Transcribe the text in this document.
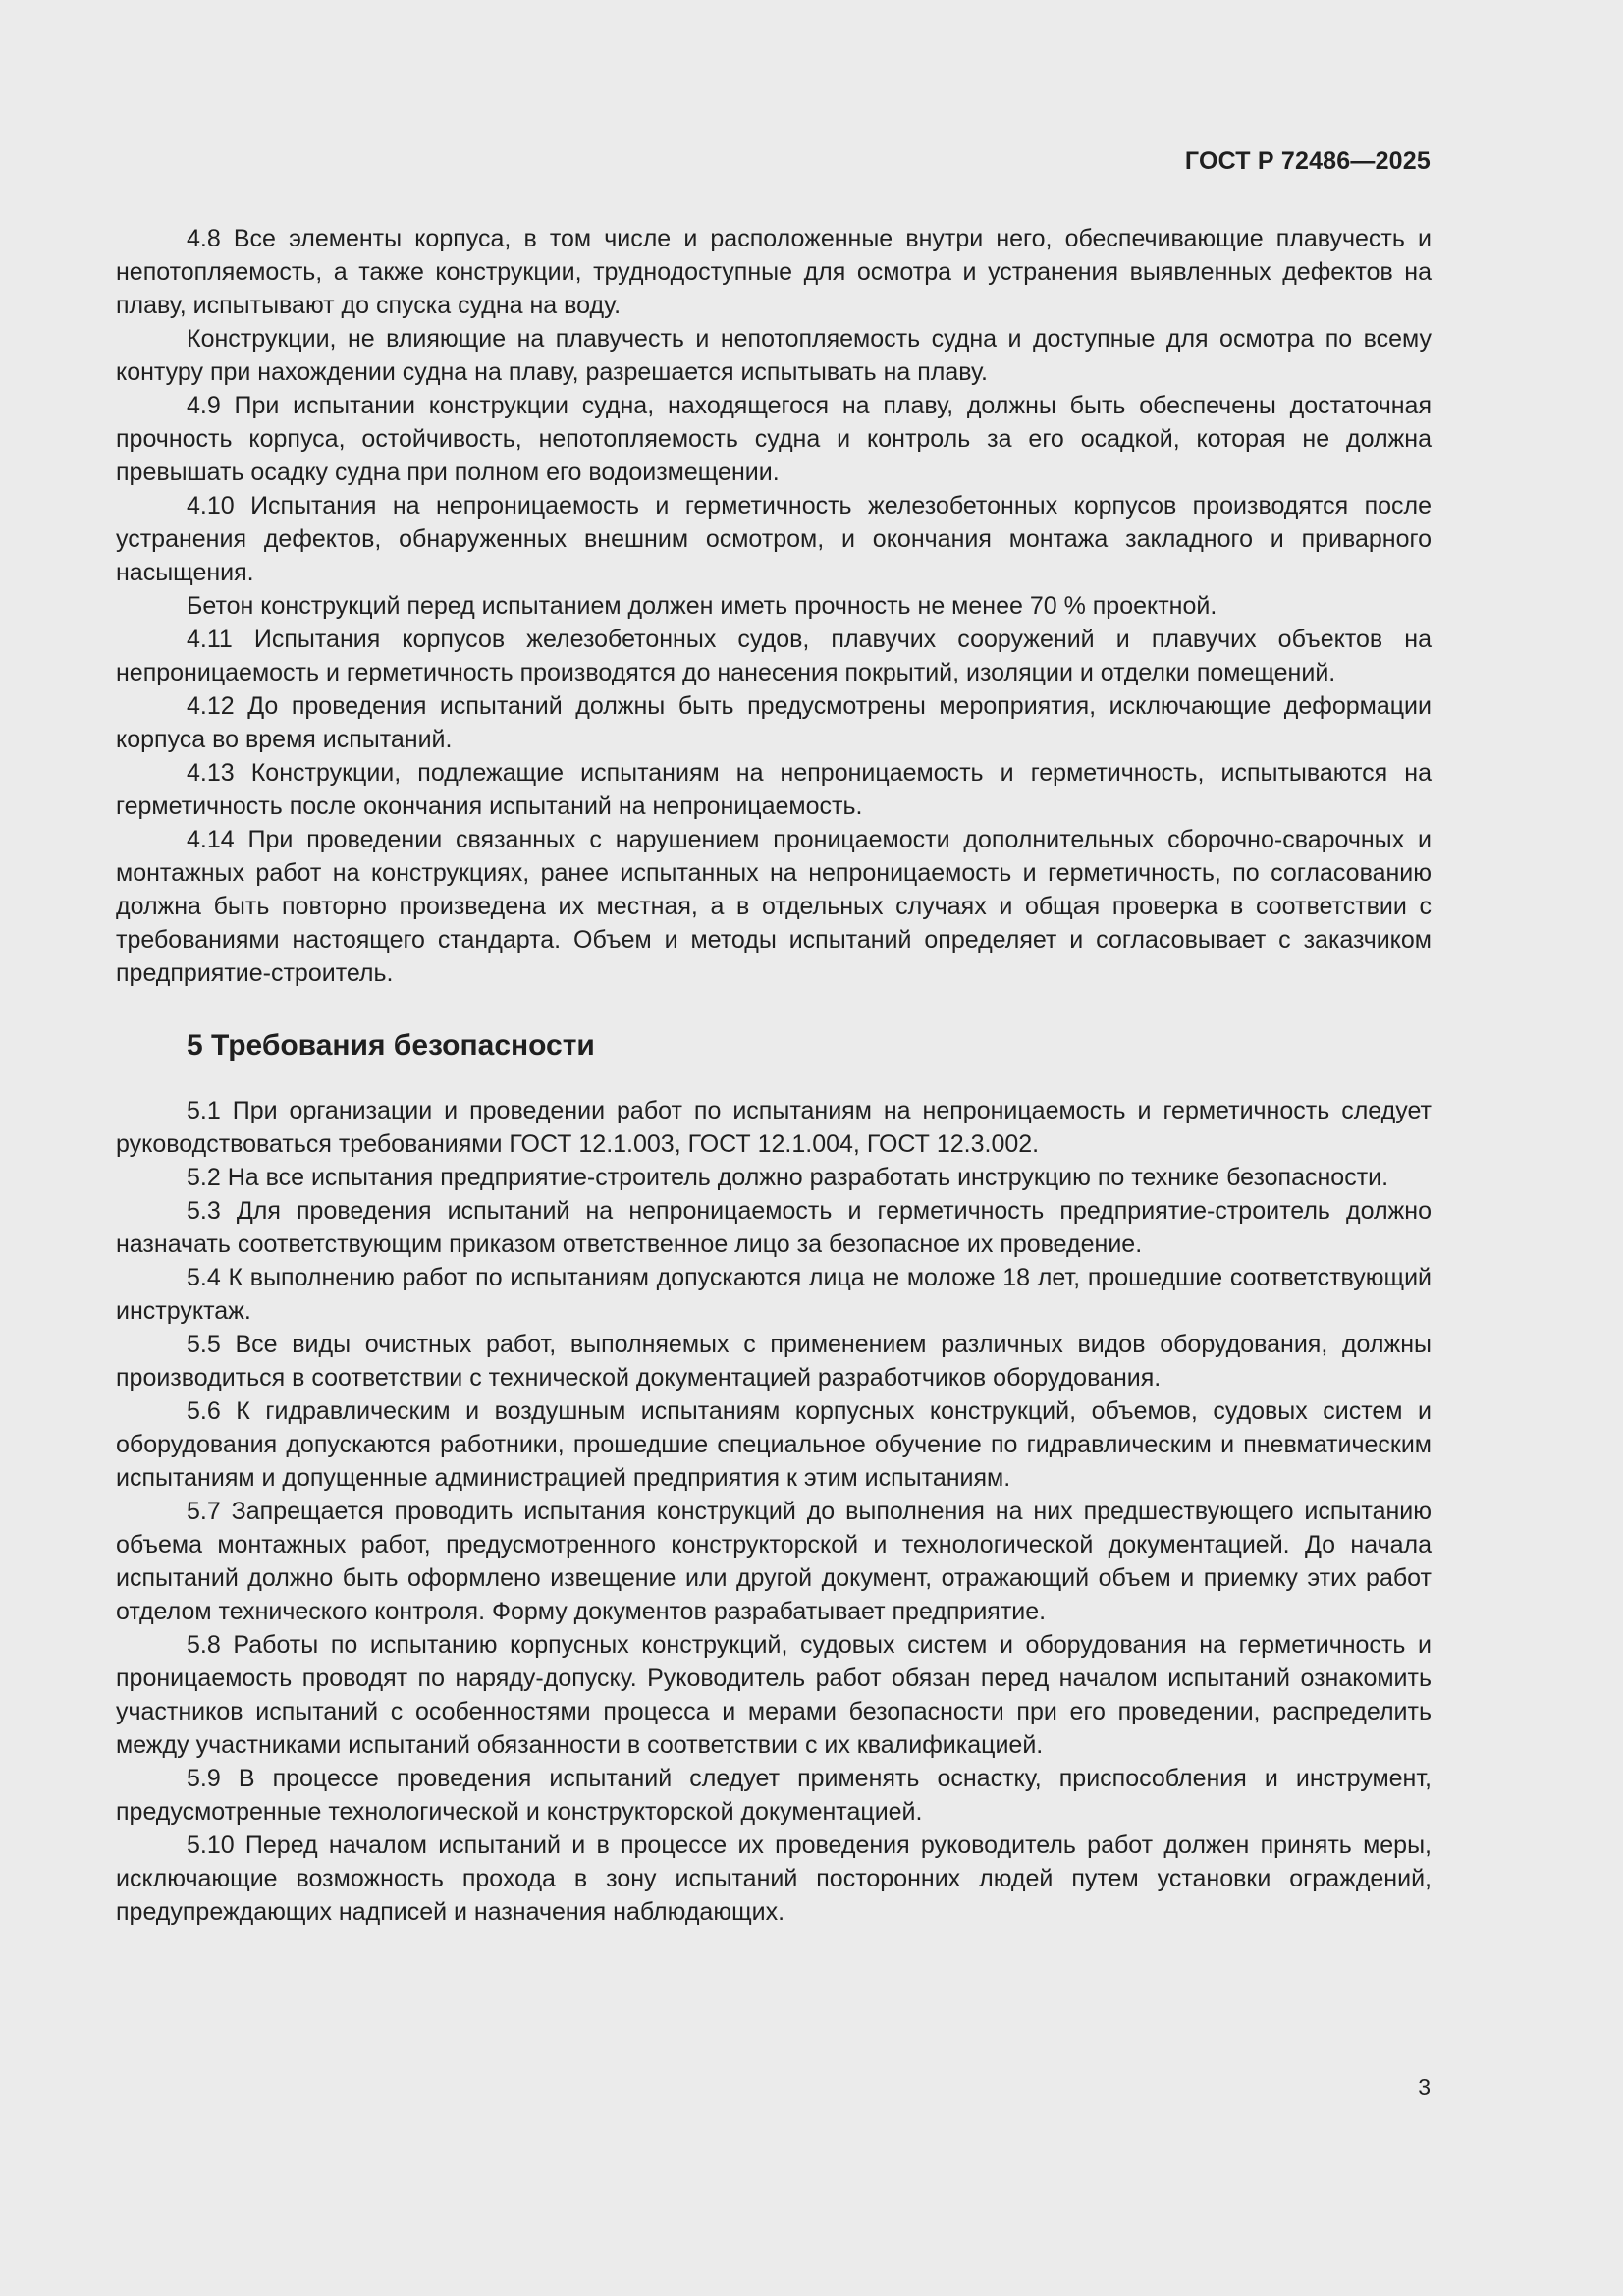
ГОСТ Р 72486—2025

4.8 Все элементы корпуса, в том числе и расположенные внутри него, обеспечивающие плавучесть и непотопляемость, а также конструкции, труднодоступные для осмотра и устранения выявленных дефектов на плаву, испытывают до спуска судна на воду.

Конструкции, не влияющие на плавучесть и непотопляемость судна и доступные для осмотра по всему контуру при нахождении судна на плаву, разрешается испытывать на плаву.

4.9 При испытании конструкции судна, находящегося на плаву, должны быть обеспечены достаточная прочность корпуса, остойчивость, непотопляемость судна и контроль за его осадкой, которая не должна превышать осадку судна при полном его водоизмещении.

4.10 Испытания на непроницаемость и герметичность железобетонных корпусов производятся после устранения дефектов, обнаруженных внешним осмотром, и окончания монтажа закладного и приварного насыщения.

Бетон конструкций перед испытанием должен иметь прочность не менее 70 % проектной.

4.11 Испытания корпусов железобетонных судов, плавучих сооружений и плавучих объектов на непроницаемость и герметичность производятся до нанесения покрытий, изоляции и отделки помещений.

4.12 До проведения испытаний должны быть предусмотрены мероприятия, исключающие деформации корпуса во время испытаний.

4.13 Конструкции, подлежащие испытаниям на непроницаемость и герметичность, испытываются на герметичность после окончания испытаний на непроницаемость.

4.14 При проведении связанных с нарушением проницаемости дополнительных сборочно-сварочных и монтажных работ на конструкциях, ранее испытанных на непроницаемость и герметичность, по согласованию должна быть повторно произведена их местная, а в отдельных случаях и общая проверка в соответствии с требованиями настоящего стандарта. Объем и методы испытаний определяет и согласовывает с заказчиком предприятие-строитель.

5 Требования безопасности

5.1 При организации и проведении работ по испытаниям на непроницаемость и герметичность следует руководствоваться требованиями ГОСТ 12.1.003, ГОСТ 12.1.004, ГОСТ 12.3.002.

5.2 На все испытания предприятие-строитель должно разработать инструкцию по технике безопасности.

5.3 Для проведения испытаний на непроницаемость и герметичность предприятие-строитель должно назначать соответствующим приказом ответственное лицо за безопасное их проведение.

5.4 К выполнению работ по испытаниям допускаются лица не моложе 18 лет, прошедшие соответствующий инструктаж.

5.5 Все виды очистных работ, выполняемых с применением различных видов оборудования, должны производиться в соответствии с технической документацией разработчиков оборудования.

5.6 К гидравлическим и воздушным испытаниям корпусных конструкций, объемов, судовых систем и оборудования допускаются работники, прошедшие специальное обучение по гидравлическим и пневматическим испытаниям и допущенные администрацией предприятия к этим испытаниям.

5.7 Запрещается проводить испытания конструкций до выполнения на них предшествующего испытанию объема монтажных работ, предусмотренного конструкторской и технологической документацией. До начала испытаний должно быть оформлено извещение или другой документ, отражающий объем и приемку этих работ отделом технического контроля. Форму документов разрабатывает предприятие.

5.8 Работы по испытанию корпусных конструкций, судовых систем и оборудования на герметичность и проницаемость проводят по наряду-допуску. Руководитель работ обязан перед началом испытаний ознакомить участников испытаний с особенностями процесса и мерами безопасности при его проведении, распределить между участниками испытаний обязанности в соответствии с их квалификацией.

5.9 В процессе проведения испытаний следует применять оснастку, приспособления и инструмент, предусмотренные технологической и конструкторской документацией.

5.10 Перед началом испытаний и в процессе их проведения руководитель работ должен принять меры, исключающие возможность прохода в зону испытаний посторонних людей путем установки ограждений, предупреждающих надписей и назначения наблюдающих.

3
